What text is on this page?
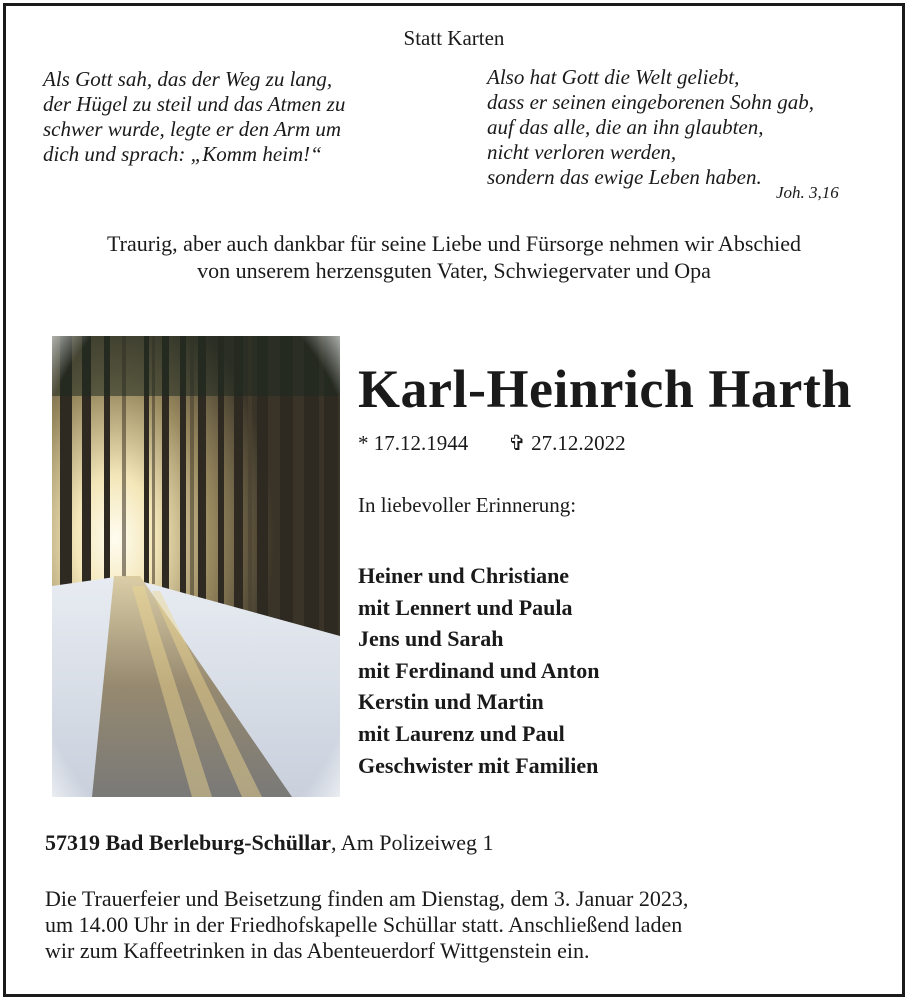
Statt Karten
Als Gott sah, das der Weg zu lang,
der Hügel zu steil und das Atmen zu
schwer wurde, legte er den Arm um
dich und sprach: „Komm heim!“
Also hat Gott die Welt geliebt,
dass er seinen eingeborenen Sohn gab,
auf das alle, die an ihn glaubten,
nicht verloren werden,
sondern das ewige Leben haben.
Joh. 3,16
Traurig, aber auch dankbar für seine Liebe und Fürsorge nehmen wir Abschied
von unserem herzensguten Vater, Schwiegervater und Opa
Karl-Heinrich Harth
* 17.12.1944 ✞ 27.12.2022
In liebevoller Erinnerung:
Heiner und Christiane
mit Lennert und Paula
Jens und Sarah
mit Ferdinand und Anton
Kerstin und Martin
mit Laurenz und Paul
Geschwister mit Familien
57319 Bad Berleburg-Schüllar, Am Polizeiweg 1
Die Trauerfeier und Beisetzung finden am Dienstag, dem 3. Januar 2023,
um 14.00 Uhr in der Friedhofskapelle Schüllar statt. Anschließend laden
wir zum Kaffeetrinken in das Abenteuerdorf Wittgenstein ein.
